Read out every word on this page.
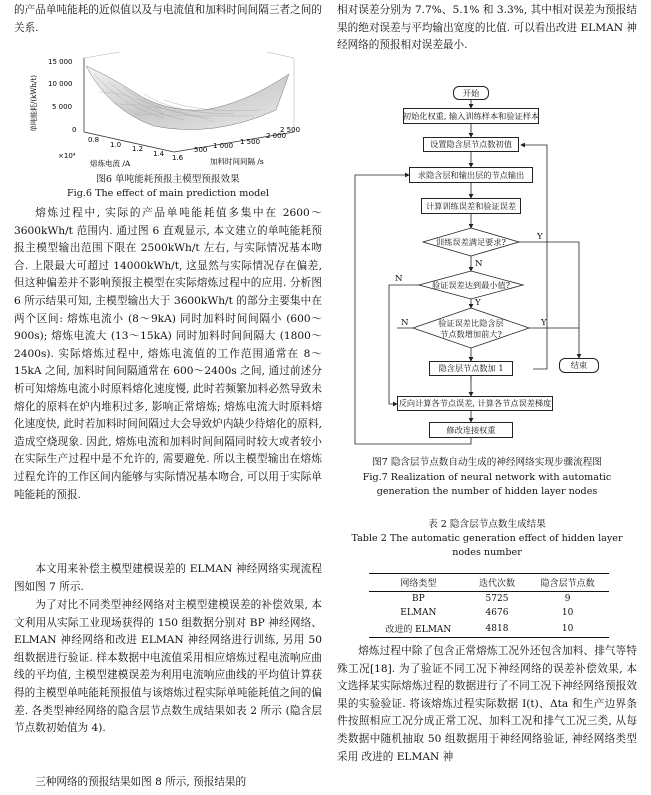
的产品单吨能耗的近似值以及与电流值和加料时间间隔三者之间的关系.

15 000
10 000
5 000
0
单吨能耗/(kWh/t)
0.8
1.0 1.2
1.4 1.6
×10⁴
熔炼电流 /A
500 1 000 1 500
2 000
2 500
加料时间间隔 /s

图6 单吨能耗预报主模型预报效果

Fig.6 The effect of main prediction model

熔炼过程中, 实际的产品单吨能耗值多集中在 2600～3600kWh/t 范围内. 通过图 6 直观显示, 本文建立的单吨能耗预报主模型输出范围下限在 2500kWh/t 左右, 与实际情况基本吻合. 上限最大可超过 14000kWh/t, 这显然与实际情况存在偏差, 但这种偏差并不影响预报主模型在实际熔炼过程中的应用. 分析图 6 所示结果可知, 主模型输出大于 3600kWh/t 的部分主要集中在两个区间: 熔炼电流小 (8～9kA) 同时加料时间间隔小 (600～900s); 熔炼电流大 (13～15kA) 同时加料时间间隔大 (1800～2400s). 实际熔炼过程中, 熔炼电流值的工作范围通常在 8～15kA 之间, 加料时间间隔通常在 600～2400s 之间, 通过前述分析可知熔炼电流小时原料熔化速度慢, 此时若频繁加料必然导致未熔化的原料在炉内堆积过多, 影响正常熔炼; 熔炼电流大时原料熔化速度快, 此时若加料时间间隔过大会导致炉内缺少待熔化的原料, 造成空烧现象. 因此, 熔炼电流和加料时间间隔同时较大或者较小在实际生产过程中是不允许的, 需要避免. 所以主模型输出在熔炼过程允许的工作区间内能够与实际情况基本吻合, 可以用于实际单吨能耗的预报.

本文用来补偿主模型建模误差的 ELMAN 神经网络实现流程图如图 7 所示.

为了对比不同类型神经网络对主模型建模误差的补偿效果, 本文利用从实际工业现场获得的 150 组数据分别对 BP 神经网络、ELMAN 神经网络和改进 ELMAN 神经网络进行训练, 另用 50 组数据进行验证. 样本数据中电流值采用相应熔炼过程电流响应曲线的平均值, 主模型建模误差为利用电流响应曲线的平均值计算获得的主模型单吨能耗预报值与该熔炼过程实际单吨能耗值之间的偏差. 各类型神经网络的隐含层节点数生成结果如表 2 所示 (隐含层节点数初始值为 4).

三种网络的预报结果如图 8 所示, 预报结果的

相对误差分别为 7.7%、5.1% 和 3.3%, 其中相对误差为预报结果的绝对误差与平均输出宽度的比值. 可以看出改进 ELMAN 神经网络的预报相对误差最小.

开始
初始化权重, 输入训练样本和验证样本
设置隐含层节点数初值
求隐含层和输出层的节点输出
计算训练误差和验证误差
训练误差满足要求?
验证误差达到最小值?
验证误差比隐含层
节点数增加前大?
隐含层节点数加 1	结束
反向计算各节点误差, 计算各节点误差梯度
修改连接权重
Y
N
Y
N
Y
N

图7 隐含层节点数自动生成的神经网络实现步骤流程图

Fig.7 Realization of neural network with automatic generation the number of hidden layer nodes

表 2 隐含层节点数生成结果

Table 2 The automatic generation effect of hidden layer nodes number

网络类型	迭代次数	隐含层节点数
BP	5725	9
ELMAN	4676	10
改进的 ELMAN	4818	10

熔炼过程中除了包含正常熔炼工况外还包含加料、排气等特殊工况[18]. 为了验证不同工况下神经网络的误差补偿效果, 本文选择某实际熔炼过程的数据进行了不同工况下神经网络预报效果的实验验证. 将该熔炼过程实际数据 I(t)、Δta 和生产边界条件按照相应工况分成正常工况、加料工况和排气工况三类, 从每类数据中随机抽取 50 组数据用于神经网络验证, 神经网络类型采用 改进的 ELMAN 神
